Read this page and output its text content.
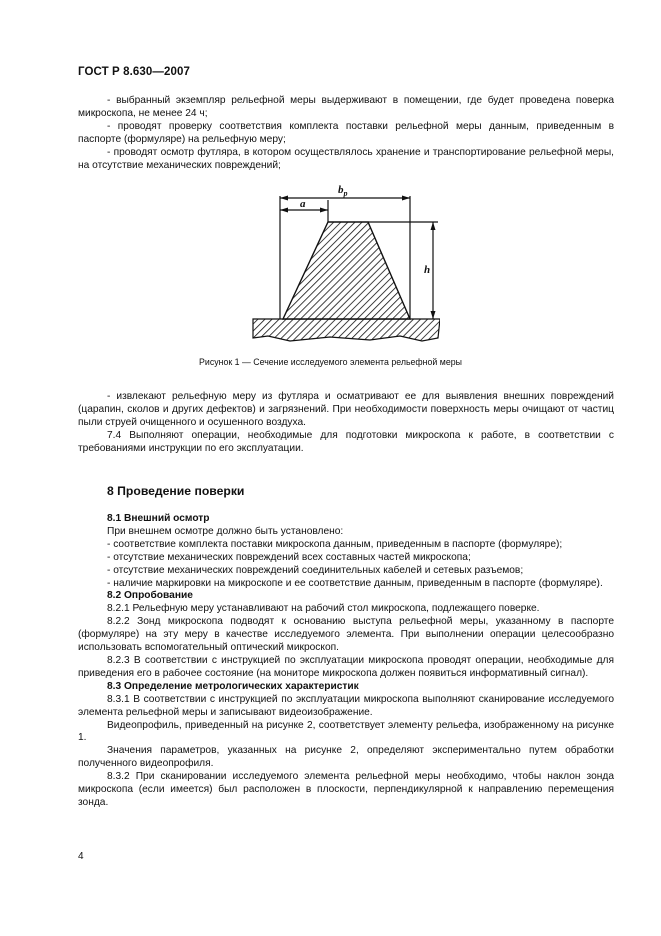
ГОСТ Р 8.630—2007

- выбранный экземпляр рельефной меры выдерживают в помещении, где будет проведена поверка микроскопа, не менее 24 ч;

- проводят проверку соответствия комплекта поставки рельефной меры данным, приведенным в паспорте (формуляре) на рельефную меру;

- проводят осмотр футляра, в котором осуществлялось хранение и транспортирование рельефной меры, на отсутствие механических повреждений;

$b_p$
a
h
Рисунок 1 — Сечение исследуемого элемента рельефной меры

- извлекают рельефную меру из футляра и осматривают ее для выявления внешних повреждений (царапин, сколов и других дефектов) и загрязнений. При необходимости поверхность меры очищают от частиц пыли струей очищенного и осушенного воздуха.

7.4 Выполняют операции, необходимые для подготовки микроскопа к работе, в соответствии с требованиями инструкции по его эксплуатации.

8 Проведение поверки

8.1 Внешний осмотр

При внешнем осмотре должно быть установлено:

- соответствие комплекта поставки микроскопа данным, приведенным в паспорте (формуляре);

- отсутствие механических повреждений всех составных частей микроскопа;

- отсутствие механических повреждений соединительных кабелей и сетевых разъемов;

- наличие маркировки на микроскопе и ее соответствие данным, приведенным в паспорте (формуляре).

8.2 Опробование

8.2.1 Рельефную меру устанавливают на рабочий стол микроскопа, подлежащего поверке.

8.2.2 Зонд микроскопа подводят к основанию выступа рельефной меры, указанному в паспорте (формуляре) на эту меру в качестве исследуемого элемента. При выполнении операции целесообразно использовать вспомогательный оптический микроскоп.

8.2.3 В соответствии с инструкцией по эксплуатации микроскопа проводят операции, необходимые для приведения его в рабочее состояние (на мониторе микроскопа должен появиться информативный сигнал).

8.3 Определение метрологических характеристик

8.3.1 В соответствии с инструкцией по эксплуатации микроскопа выполняют сканирование исследуемого элемента рельефной меры и записывают видеоизображение.

Видеопрофиль, приведенный на рисунке 2, соответствует элементу рельефа, изображенному на рисунке 1.

Значения параметров, указанных на рисунке 2, определяют экспериментально путем обработки полученного видеопрофиля.

8.3.2 При сканировании исследуемого элемента рельефной меры необходимо, чтобы наклон зонда микроскопа (если имеется) был расположен в плоскости, перпендикулярной к направлению перемещения зонда.

4
